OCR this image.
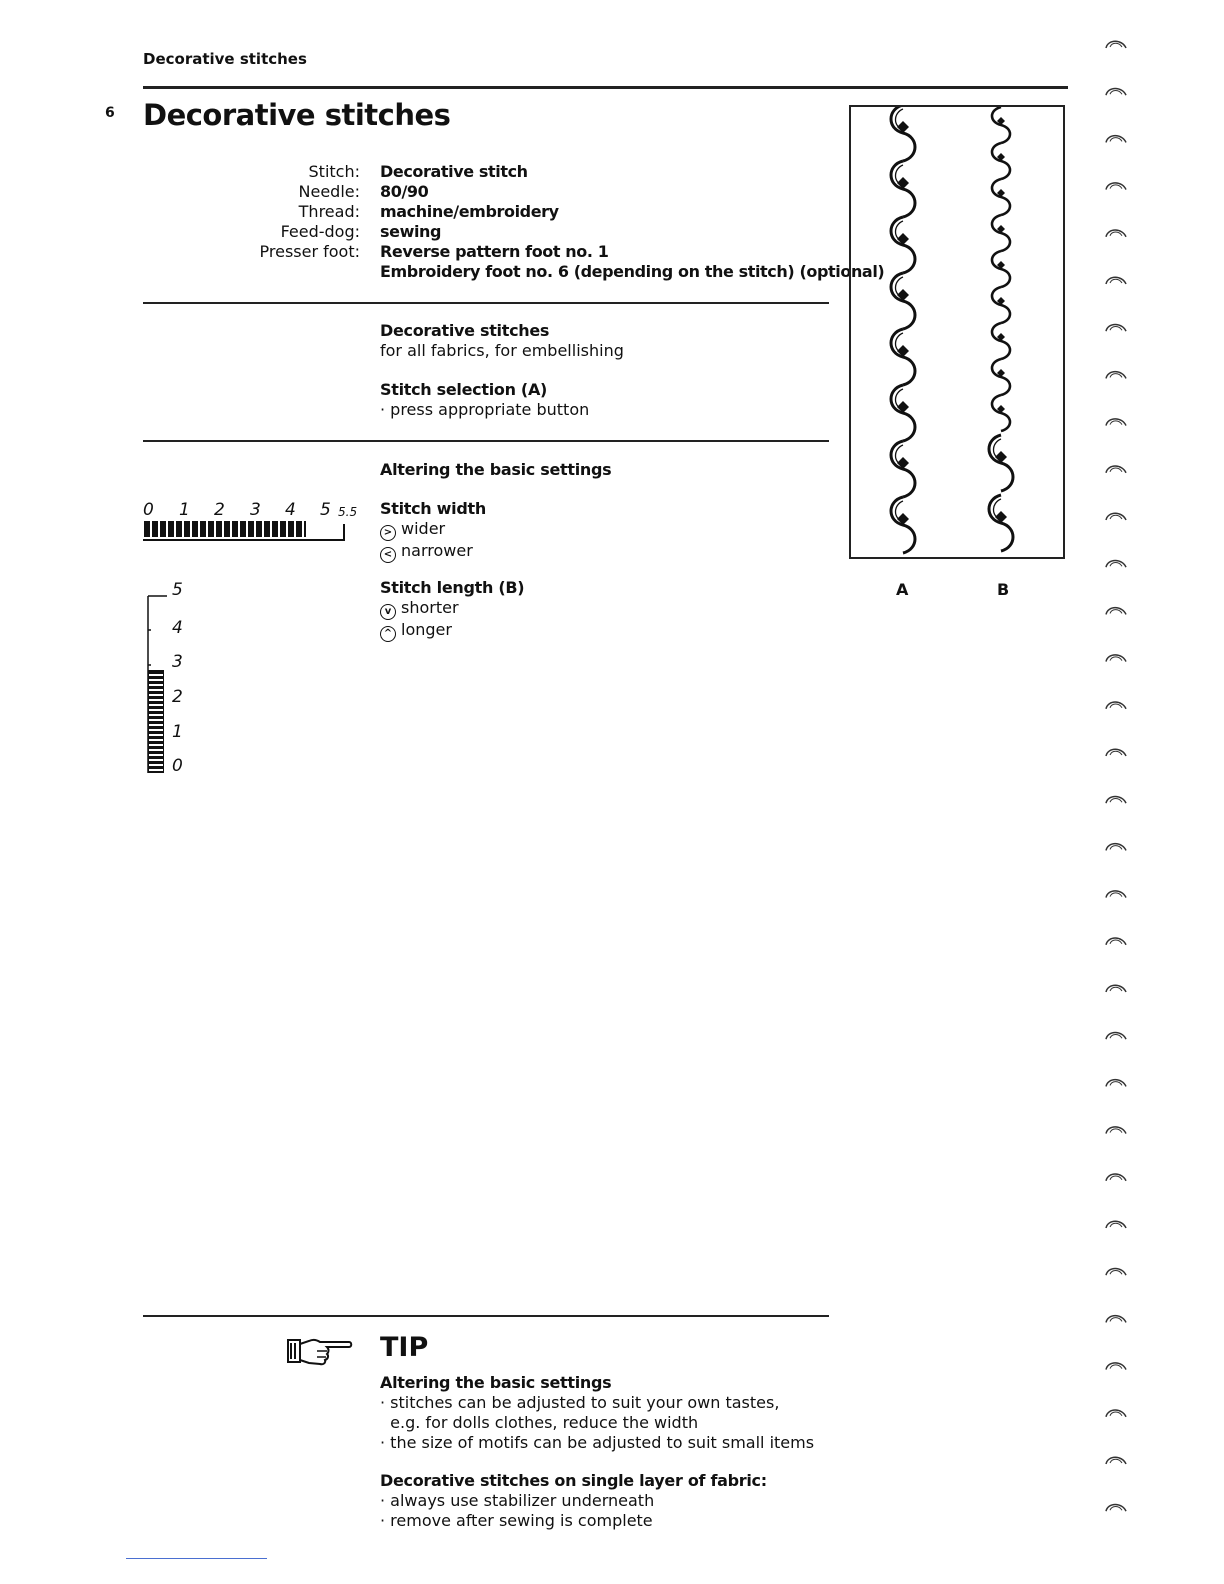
Decorative stitches
6 Decorative stitches
Stitch:
Needle:
Thread:
Feed-dog:
Presser foot:
Decorative stitch
80/90
machine/embroidery
sewing
Reverse pattern foot no. 1
Embroidery foot no. 6 (depending on the stitch) (optional)
Decorative stitches
for all fabrics, for embellishing
Stitch selection (A)
· press appropriate button
Altering the basic settings
Stitch width
> wider
< narrower
Stitch length (B)
v shorter
^ longer
0 1 2 3 4 5 5.5
5
4
3
2
1
0
A	B
TIP
Altering the basic settings
· stitches can be adjusted to suit your own tastes,
e.g. for dolls clothes, reduce the width
· the size of motifs can be adjusted to suit small items
Decorative stitches on single layer of fabric:
· always use stabilizer underneath
· remove after sewing is complete
